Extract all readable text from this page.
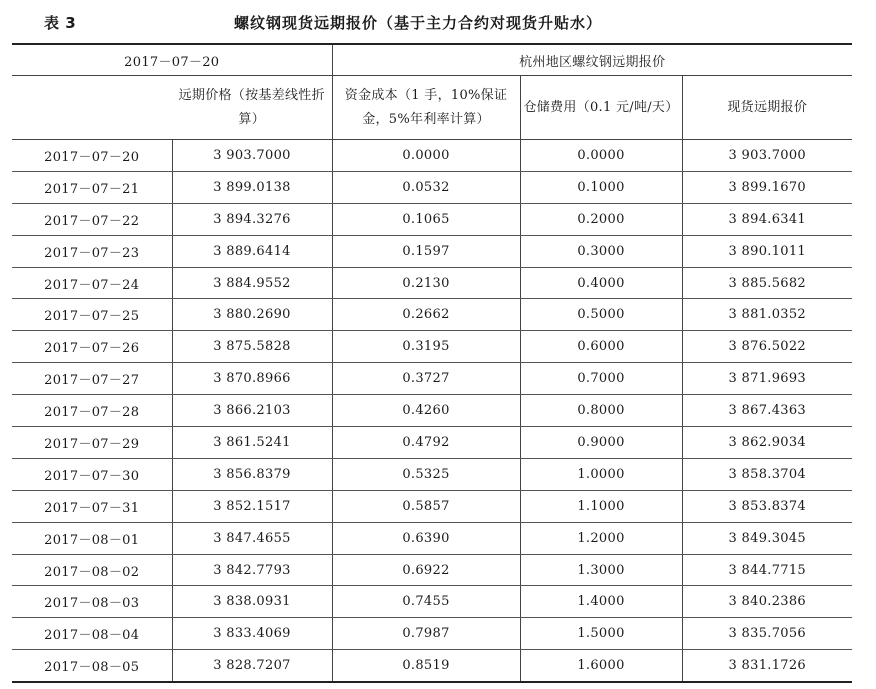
表 3	螺纹钢现货远期报价（基于主力合约对现货升贴水）
2017－07－20		杭州地区螺纹钢远期报价		
	远期价格（按基差线性折算）	资金成本（1 手，10%保证金，5%年利率计算）	仓储费用（0.1 元/吨/天）	现货远期报价
2017－07－20	3 903.7000	0.0000	0.0000	3 903.7000
2017－07－21	3 899.0138	0.0532	0.1000	3 899.1670
2017－07－22	3 894.3276	0.1065	0.2000	3 894.6341
2017－07－23	3 889.6414	0.1597	0.3000	3 890.1011
2017－07－24	3 884.9552	0.2130	0.4000	3 885.5682
2017－07－25	3 880.2690	0.2662	0.5000	3 881.0352
2017－07－26	3 875.5828	0.3195	0.6000	3 876.5022
2017－07－27	3 870.8966	0.3727	0.7000	3 871.9693
2017－07－28	3 866.2103	0.4260	0.8000	3 867.4363
2017－07－29	3 861.5241	0.4792	0.9000	3 862.9034
2017－07－30	3 856.8379	0.5325	1.0000	3 858.3704
2017－07－31	3 852.1517	0.5857	1.1000	3 853.8374
2017－08－01	3 847.4655	0.6390	1.2000	3 849.3045
2017－08－02	3 842.7793	0.6922	1.3000	3 844.7715
2017－08－03	3 838.0931	0.7455	1.4000	3 840.2386
2017－08－04	3 833.4069	0.7987	1.5000	3 835.7056
2017－08－05	3 828.7207	0.8519	1.6000	3 831.1726
